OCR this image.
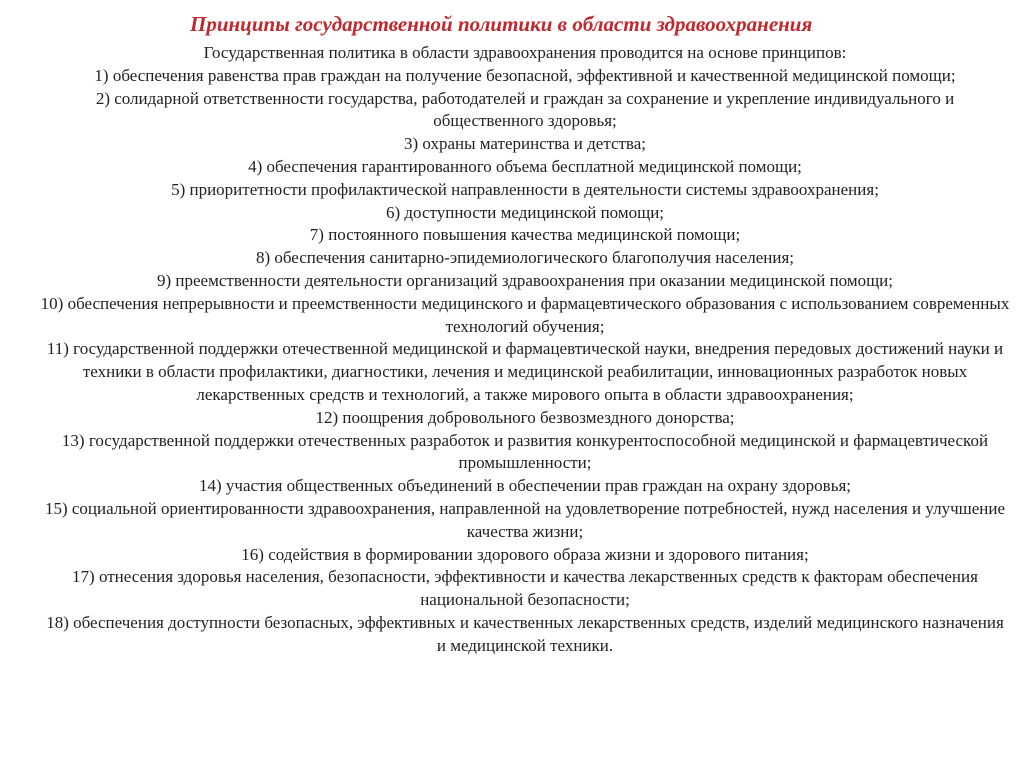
Принципы государственной политики в области здравоохранения

Государственная политика в области здравоохранения проводится на основе принципов:

1) обеспечения равенства прав граждан на получение безопасной, эффективной и качественной медицинской помощи;

2) солидарной ответственности государства, работодателей и граждан за сохранение и укрепление индивидуального и общественного здоровья;

3) охраны материнства и детства;

4) обеспечения гарантированного объема бесплатной медицинской помощи;

5) приоритетности профилактической направленности в деятельности системы здравоохранения;

6) доступности медицинской помощи;

7) постоянного повышения качества медицинской помощи;

8) обеспечения санитарно-эпидемиологического благополучия населения;

9) преемственности деятельности организаций здравоохранения при оказании медицинской помощи;

10) обеспечения непрерывности и преемственности медицинского и фармацевтического образования с использованием современных технологий обучения;

11) государственной поддержки отечественной медицинской и фармацевтической науки, внедрения передовых достижений науки и техники в области профилактики, диагностики, лечения и медицинской реабилитации, инновационных разработок новых лекарственных средств и технологий, а также мирового опыта в области здравоохранения;

12) поощрения добровольного безвозмездного донорства;

13) государственной поддержки отечественных разработок и развития конкурентоспособной медицинской и фармацевтической промышленности;

14) участия общественных объединений в обеспечении прав граждан на охрану здоровья;

15) социальной ориентированности здравоохранения, направленной на удовлетворение потребностей, нужд населения и улучшение качества жизни;

16) содействия в формировании здорового образа жизни и здорового питания;

17) отнесения здоровья населения, безопасности, эффективности и качества лекарственных средств к факторам обеспечения национальной безопасности;

18) обеспечения доступности безопасных, эффективных и качественных лекарственных средств, изделий медицинского назначения и медицинской техники.
